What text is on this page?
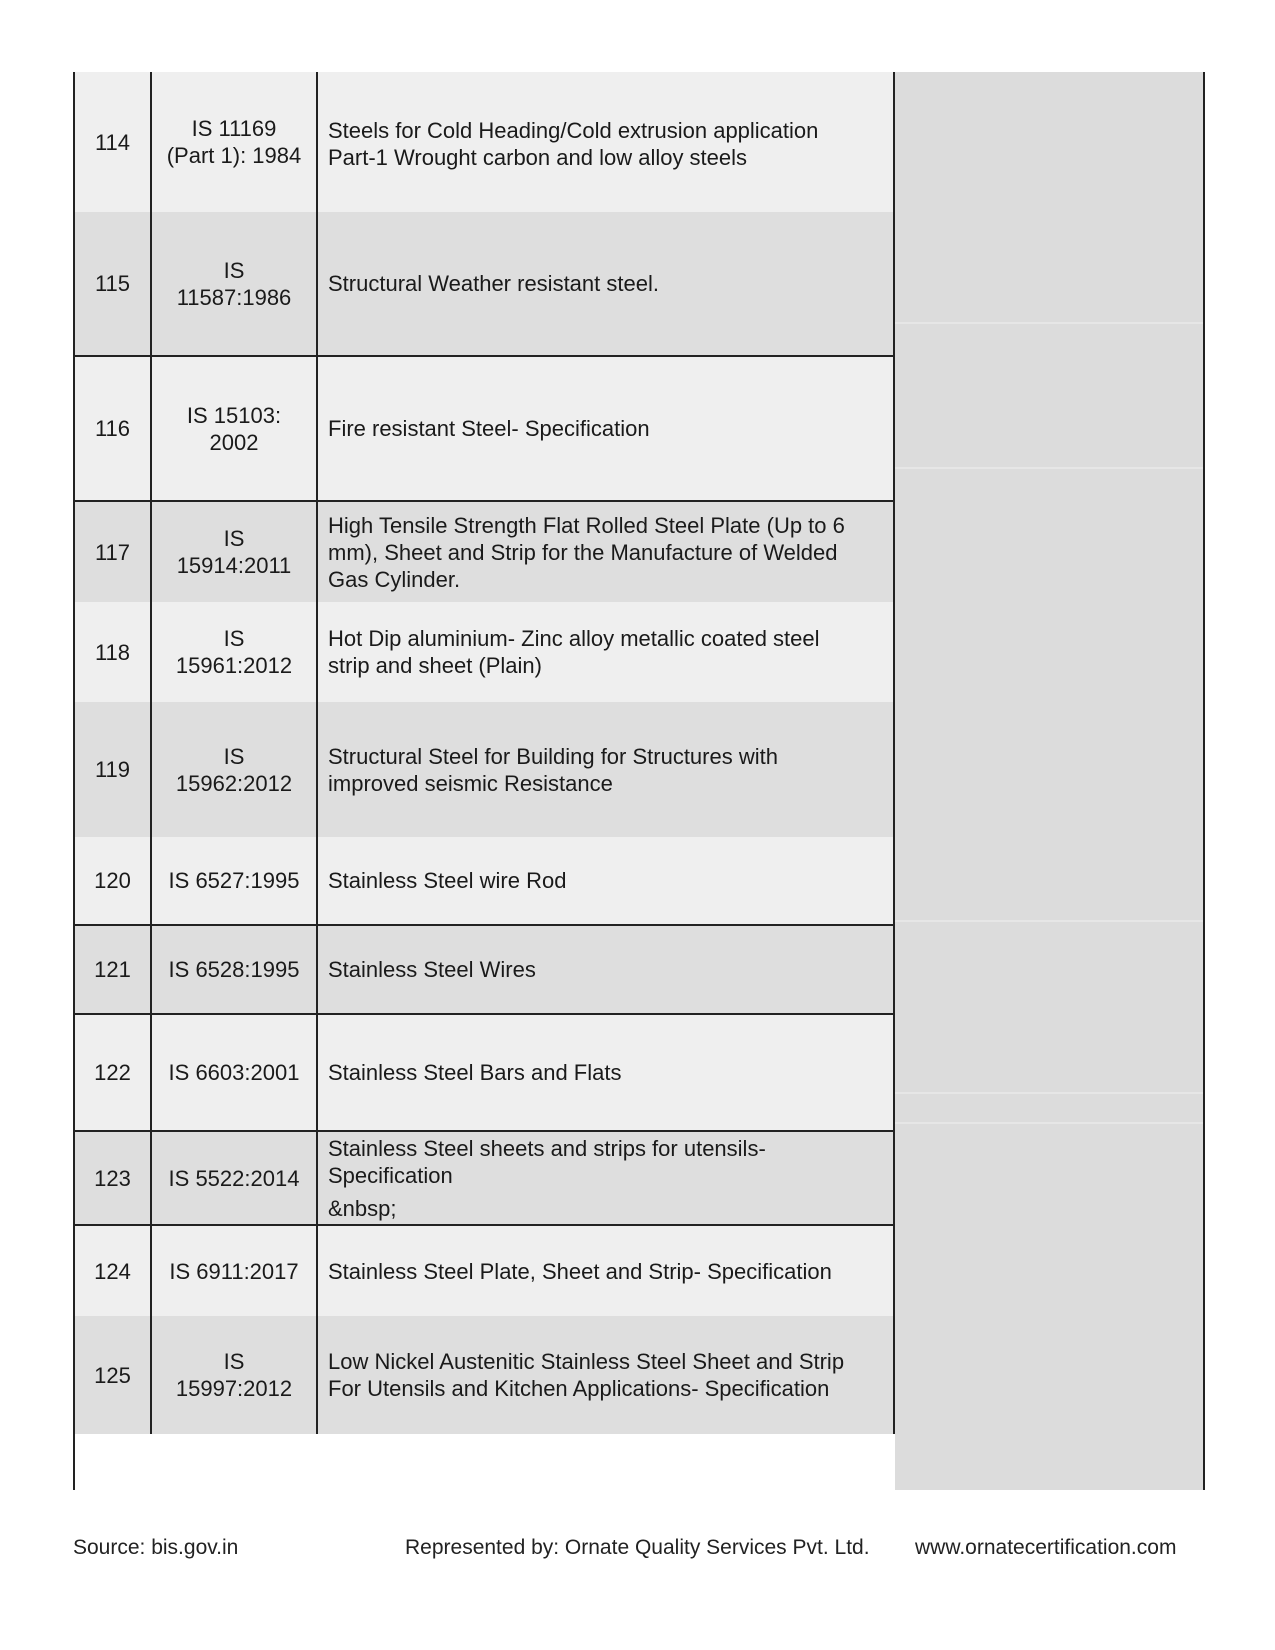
114
IS 11169
(Part 1): 1984
Steels for Cold Heading/Cold extrusion application
Part-1 Wrought carbon and low alloy steels
115
IS
11587:1986
Structural Weather resistant steel.
116
IS 15103:
2002
Fire resistant Steel- Specification
117
IS
15914:2011
High Tensile Strength Flat Rolled Steel Plate (Up to 6
mm), Sheet and Strip for the Manufacture of Welded
Gas Cylinder.
118
IS
15961:2012
Hot Dip aluminium- Zinc alloy metallic coated steel
strip and sheet (Plain)
119
IS
15962:2012
Structural Steel for Building for Structures with
improved seismic Resistance
120 IS 6527:1995 Stainless Steel wire Rod
121 IS 6528:1995 Stainless Steel Wires
122 IS 6603:2001 Stainless Steel Bars and Flats
123 IS 5522:2014
Stainless Steel sheets and strips for utensils-
Specification
&nbsp;
124 IS 6911:2017 Stainless Steel Plate, Sheet and Strip- Specification
125
IS
15997:2012
Low Nickel Austenitic Stainless Steel Sheet and Strip
For Utensils and Kitchen Applications- Specification
Source: bis.gov.in	Represented by: Ornate Quality Services Pvt. Ltd. www.ornatecertification.com
